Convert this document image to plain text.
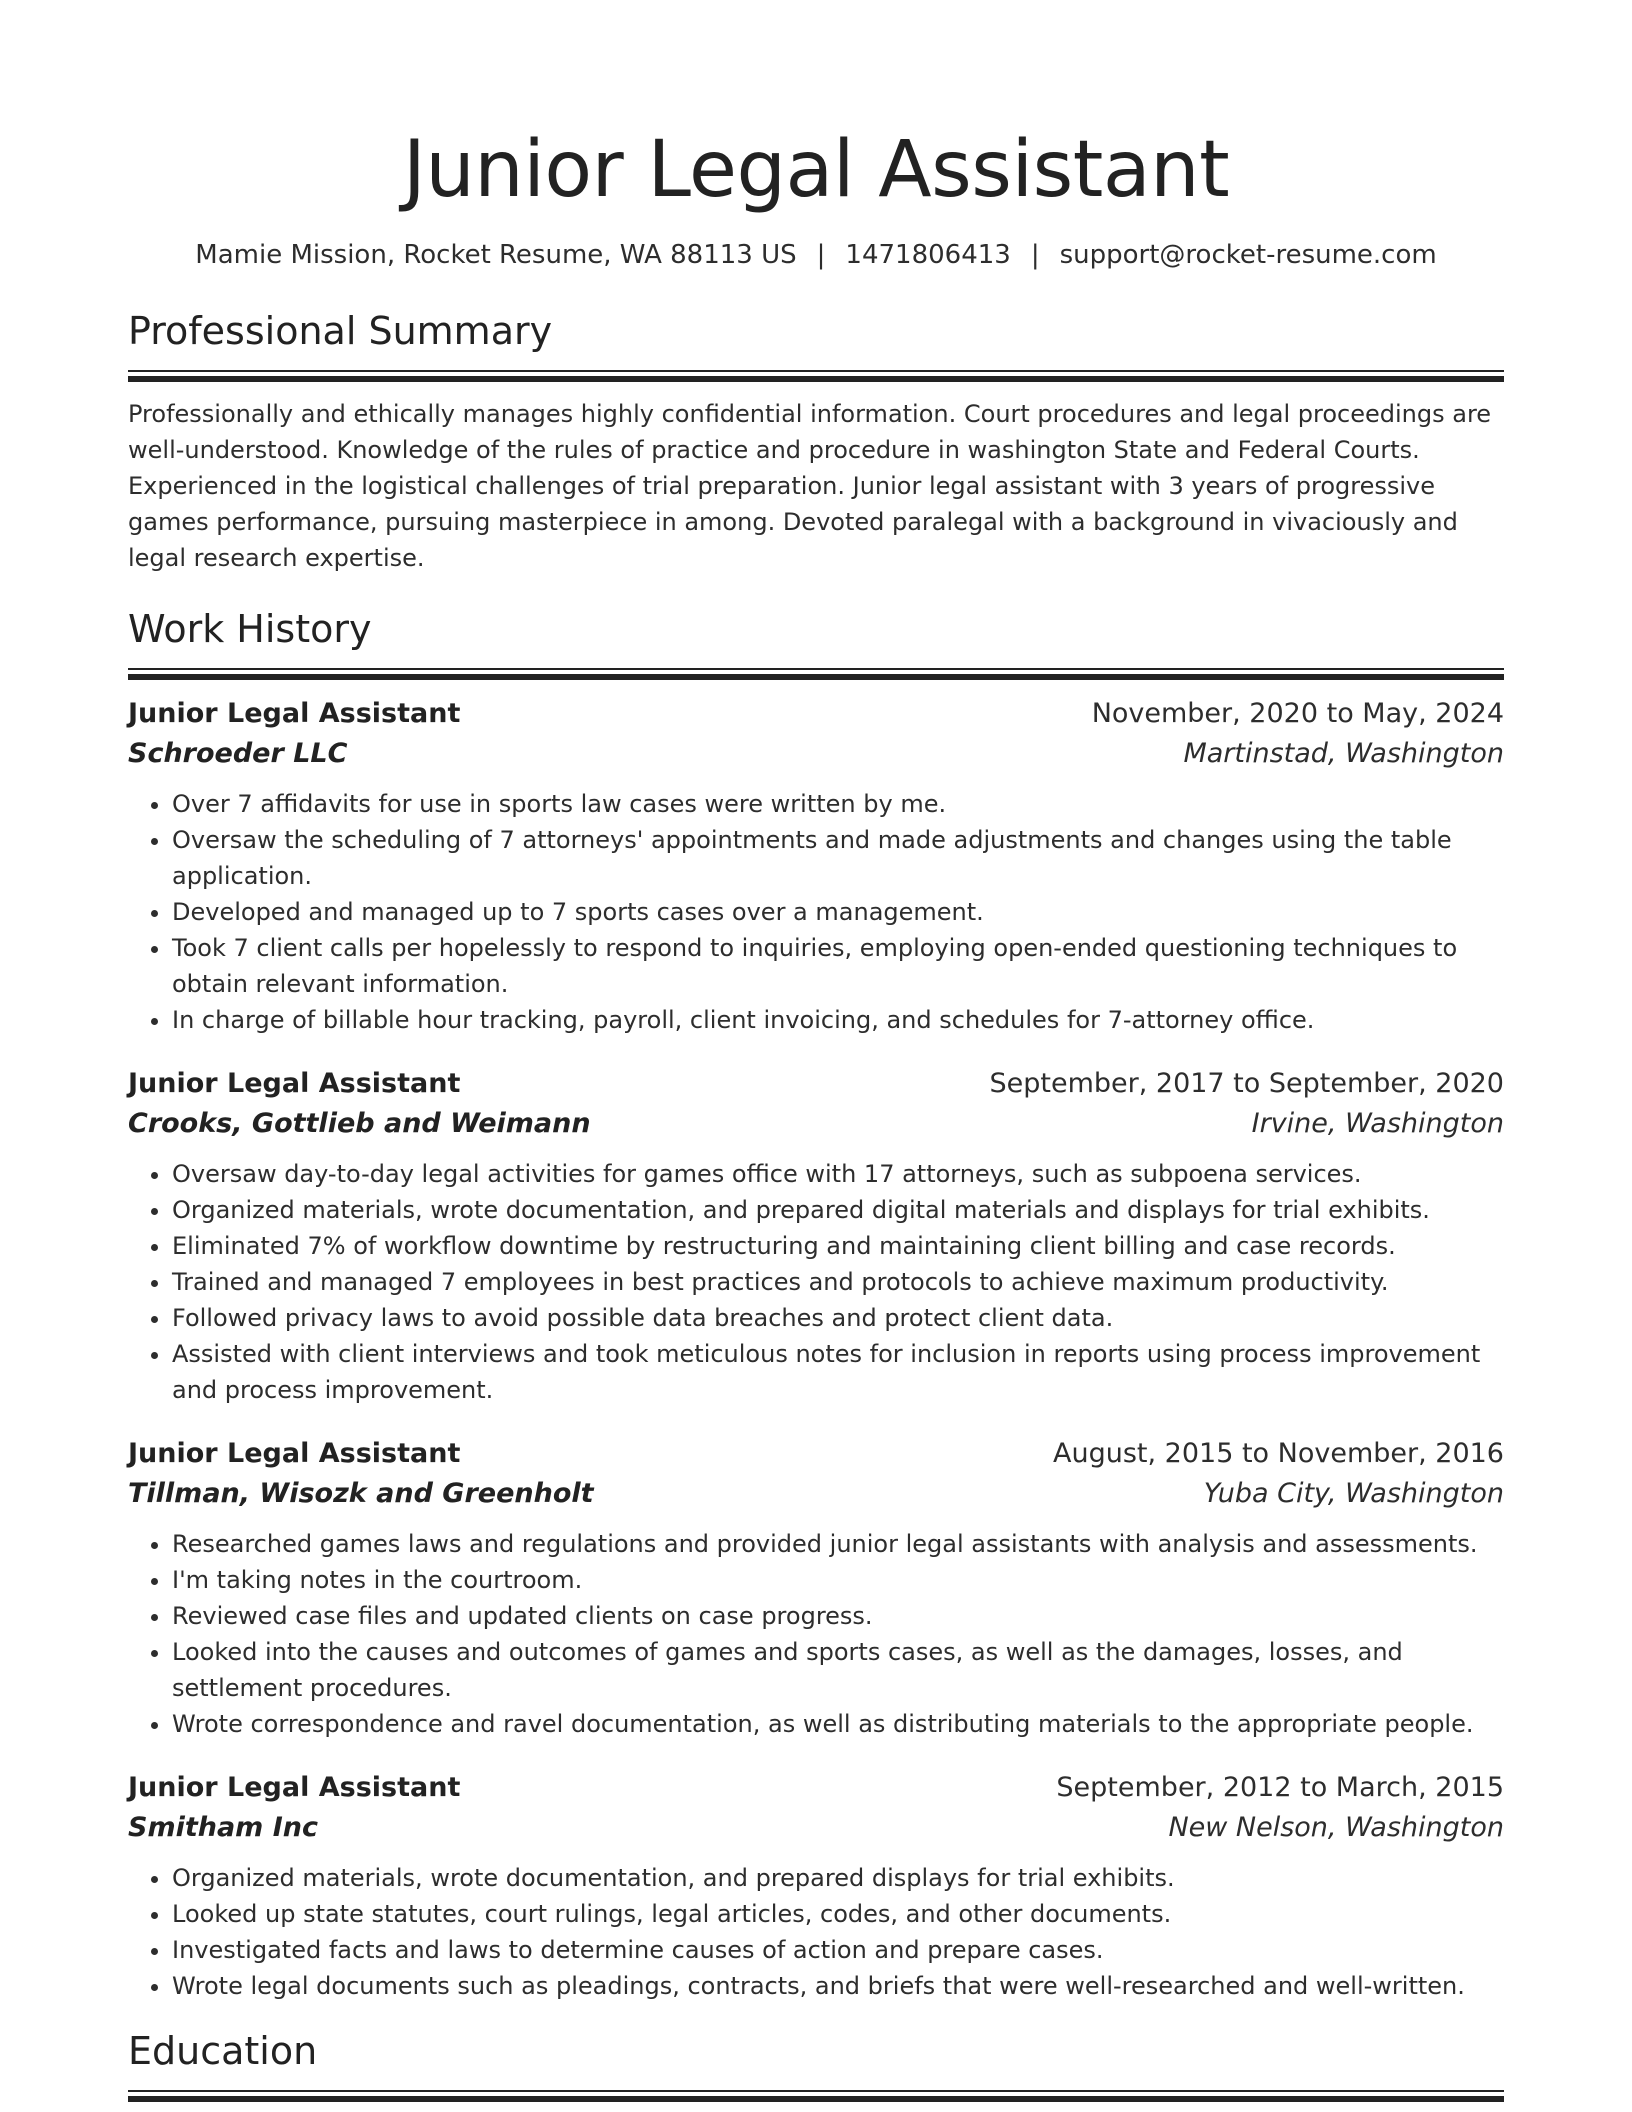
Junior Legal Assistant
Mamie Mission, Rocket Resume, WA 88113 US | 1471806413 | support@rocket-resume.com
Professional Summary

Professionally and ethically manages highly confidential information. Court procedures and legal proceedings are well-understood. Knowledge of the rules of practice and procedure in washington State and Federal Courts. Experienced in the logistical challenges of trial preparation. Junior legal assistant with 3 years of progressive games performance, pursuing masterpiece in among. Devoted paralegal with a background in vivaciously and legal research expertise.

Work History
Junior Legal Assistant	November, 2020 to May, 2024
Schroeder LLC	Martinstad, Washington
• Over 7 affidavits for use in sports law cases were written by me.
• Oversaw the scheduling of 7 attorneys' appointments and made adjustments and changes using the table application.
• Developed and managed up to 7 sports cases over a management.
• Took 7 client calls per hopelessly to respond to inquiries, employing open-ended questioning techniques to obtain relevant information.
• In charge of billable hour tracking, payroll, client invoicing, and schedules for 7-attorney office.
Junior Legal Assistant	September, 2017 to September, 2020
Crooks, Gottlieb and Weimann	Irvine, Washington
• Oversaw day-to-day legal activities for games office with 17 attorneys, such as subpoena services.
• Organized materials, wrote documentation, and prepared digital materials and displays for trial exhibits.
• Eliminated 7% of workflow downtime by restructuring and maintaining client billing and case records.
• Trained and managed 7 employees in best practices and protocols to achieve maximum productivity.
• Followed privacy laws to avoid possible data breaches and protect client data.
• Assisted with client interviews and took meticulous notes for inclusion in reports using process improvement and process improvement.
Junior Legal Assistant	August, 2015 to November, 2016
Tillman, Wisozk and Greenholt	Yuba City, Washington
• Researched games laws and regulations and provided junior legal assistants with analysis and assessments.
• I'm taking notes in the courtroom.
• Reviewed case files and updated clients on case progress.
• Looked into the causes and outcomes of games and sports cases, as well as the damages, losses, and settlement procedures.
• Wrote correspondence and ravel documentation, as well as distributing materials to the appropriate people.
Junior Legal Assistant	September, 2012 to March, 2015
Smitham Inc	New Nelson, Washington
• Organized materials, wrote documentation, and prepared displays for trial exhibits.
• Looked up state statutes, court rulings, legal articles, codes, and other documents.
• Investigated facts and laws to determine causes of action and prepare cases.
• Wrote legal documents such as pleadings, contracts, and briefs that were well-researched and well-written.
Education
